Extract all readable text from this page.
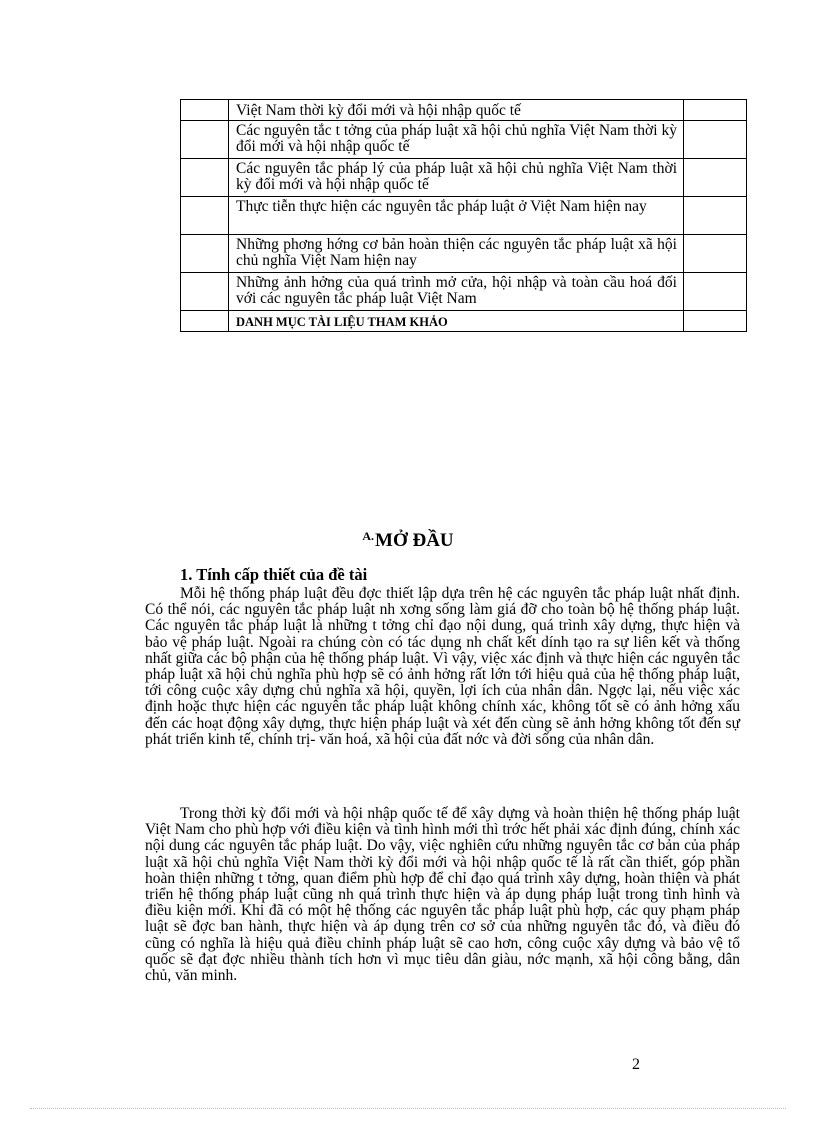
	Việt Nam thời kỳ đổi mới và hội nhập quốc tế	

	Các nguyên tắc t tởng của pháp luật xã hội chủ nghĩa Việt Nam thời kỳ đổi mới và hội nhập quốc tế	

	Các nguyên tắc pháp lý của pháp luật xã hội chủ nghĩa Việt Nam thời kỳ đổi mới và hội nhập quốc tế	

	Thực tiễn thực hiện các nguyên tắc pháp luật ở Việt Nam hiện nay	

	Những phơng hớng cơ bản hoàn thiện các nguyên tắc pháp luật xã hội chủ nghĩa Việt Nam hiện nay	

	Những ảnh hởng của quá trình mở cửa, hội nhập và toàn cầu hoá đối với các nguyên tắc pháp luật Việt Nam	

	DANH MỤC TÀI LIỆU THAM KHẢO	

$^{A.}$MỞ ĐẦU
1. Tính cấp thiết của đề tài

Mỗi hệ thống pháp luật đều đợc thiết lập dựa trên hệ các nguyên tắc pháp luật nhất định. Có thể nói, các nguyên tắc pháp luật nh xơng sống làm giá đỡ cho toàn bộ hệ thống pháp luật. Các nguyên tắc pháp luật là những t tởng chỉ đạo nội dung, quá trình xây dựng, thực hiện và bảo vệ pháp luật. Ngoài ra chúng còn có tác dụng nh chất kết dính tạo ra sự liên kết và thống nhất giữa các bộ phận của hệ thống pháp luật. Vì vậy, việc xác định và thực hiện các nguyên tắc pháp luật xã hội chủ nghĩa phù hợp sẽ có ảnh hởng rất lớn tới hiệu quả của hệ thống pháp luật, tới công cuộc xây dựng chủ nghĩa xã hội, quyền, lợi ích của nhân dân. Ngợc lại, nếu việc xác định hoặc thực hiện các nguyên tắc pháp luật không chính xác, không tốt sẽ có ảnh hởng xấu đến các hoạt động xây dựng, thực hiện pháp luật và xét đến cùng sẽ ảnh hởng không tốt đến sự phát triển kinh tế, chính trị- văn hoá, xã hội của đất nớc và đời sống của nhân dân.

Trong thời kỳ đổi mới và hội nhập quốc tế để xây dựng và hoàn thiện hệ thống pháp luật Việt Nam cho phù hợp với điều kiện và tình hình mới thì trớc hết phải xác định đúng, chính xác nội dung các nguyên tắc pháp luật. Do vậy, việc nghiên cứu những nguyên tắc cơ bản của pháp luật xã hội chủ nghĩa Việt Nam thời kỳ đổi mới và hội nhập quốc tế là rất cần thiết, góp phần hoàn thiện những t tởng, quan điểm phù hợp để chỉ đạo quá trình xây dựng, hoàn thiện và phát triển hệ thống pháp luật cũng nh quá trình thực hiện và áp dụng pháp luật trong tình hình và điều kiện mới. Khi đã có một hệ thống các nguyên tắc pháp luật phù hợp, các quy phạm pháp luật sẽ đợc ban hành, thực hiện và áp dụng trên cơ sở của những nguyên tắc đó, và điều đó cũng có nghĩa là hiệu quả điều chỉnh pháp luật sẽ cao hơn, công cuộc xây dựng và bảo vệ tổ quốc sẽ đạt đợc nhiều thành tích hơn vì mục tiêu dân giàu, nớc mạnh, xã hội công bằng, dân chủ, văn minh.

2
